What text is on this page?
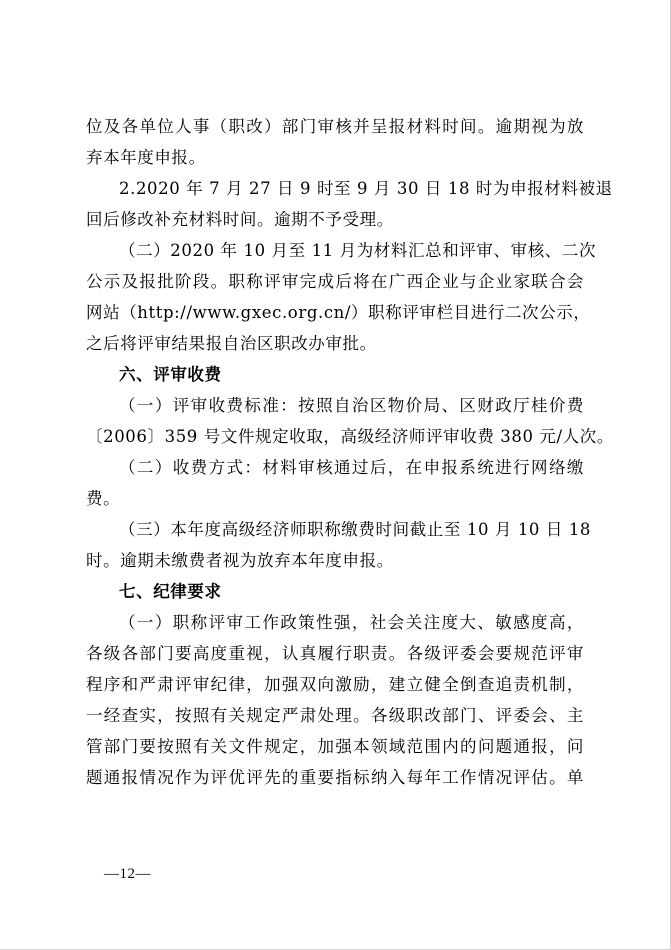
位及各单位人事（职改）部门审核并呈报材料时间。逾期视为放
弃本年度申报。
2.2020 年 7 月 27 日 9 时至 9 月 30 日 18 时为申报材料被退
回后修改补充材料时间。逾期不予受理。
（二）2020 年 10 月至 11 月为材料汇总和评审、审核、二次
公示及报批阶段。职称评审完成后将在广西企业与企业家联合会
网站（http://www.gxec.org.cn/）职称评审栏目进行二次公示，
之后将评审结果报自治区职改办审批。
六、评审收费
（一）评审收费标准：按照自治区物价局、区财政厅桂价费
〔2006〕359 号文件规定收取，高级经济师评审收费 380 元/人次。
（二）收费方式：材料审核通过后，在申报系统进行网络缴
费。
（三）本年度高级经济师职称缴费时间截止至 10 月 10 日 18
时。逾期未缴费者视为放弃本年度申报。
七、纪律要求
（一）职称评审工作政策性强，社会关注度大、敏感度高，
各级各部门要高度重视，认真履行职责。各级评委会要规范评审
程序和严肃评审纪律，加强双向激励，建立健全倒查追责机制，
一经查实，按照有关规定严肃处理。各级职改部门、评委会、主
管部门要按照有关文件规定，加强本领域范围内的问题通报，问
题通报情况作为评优评先的重要指标纳入每年工作情况评估。单
—12—
